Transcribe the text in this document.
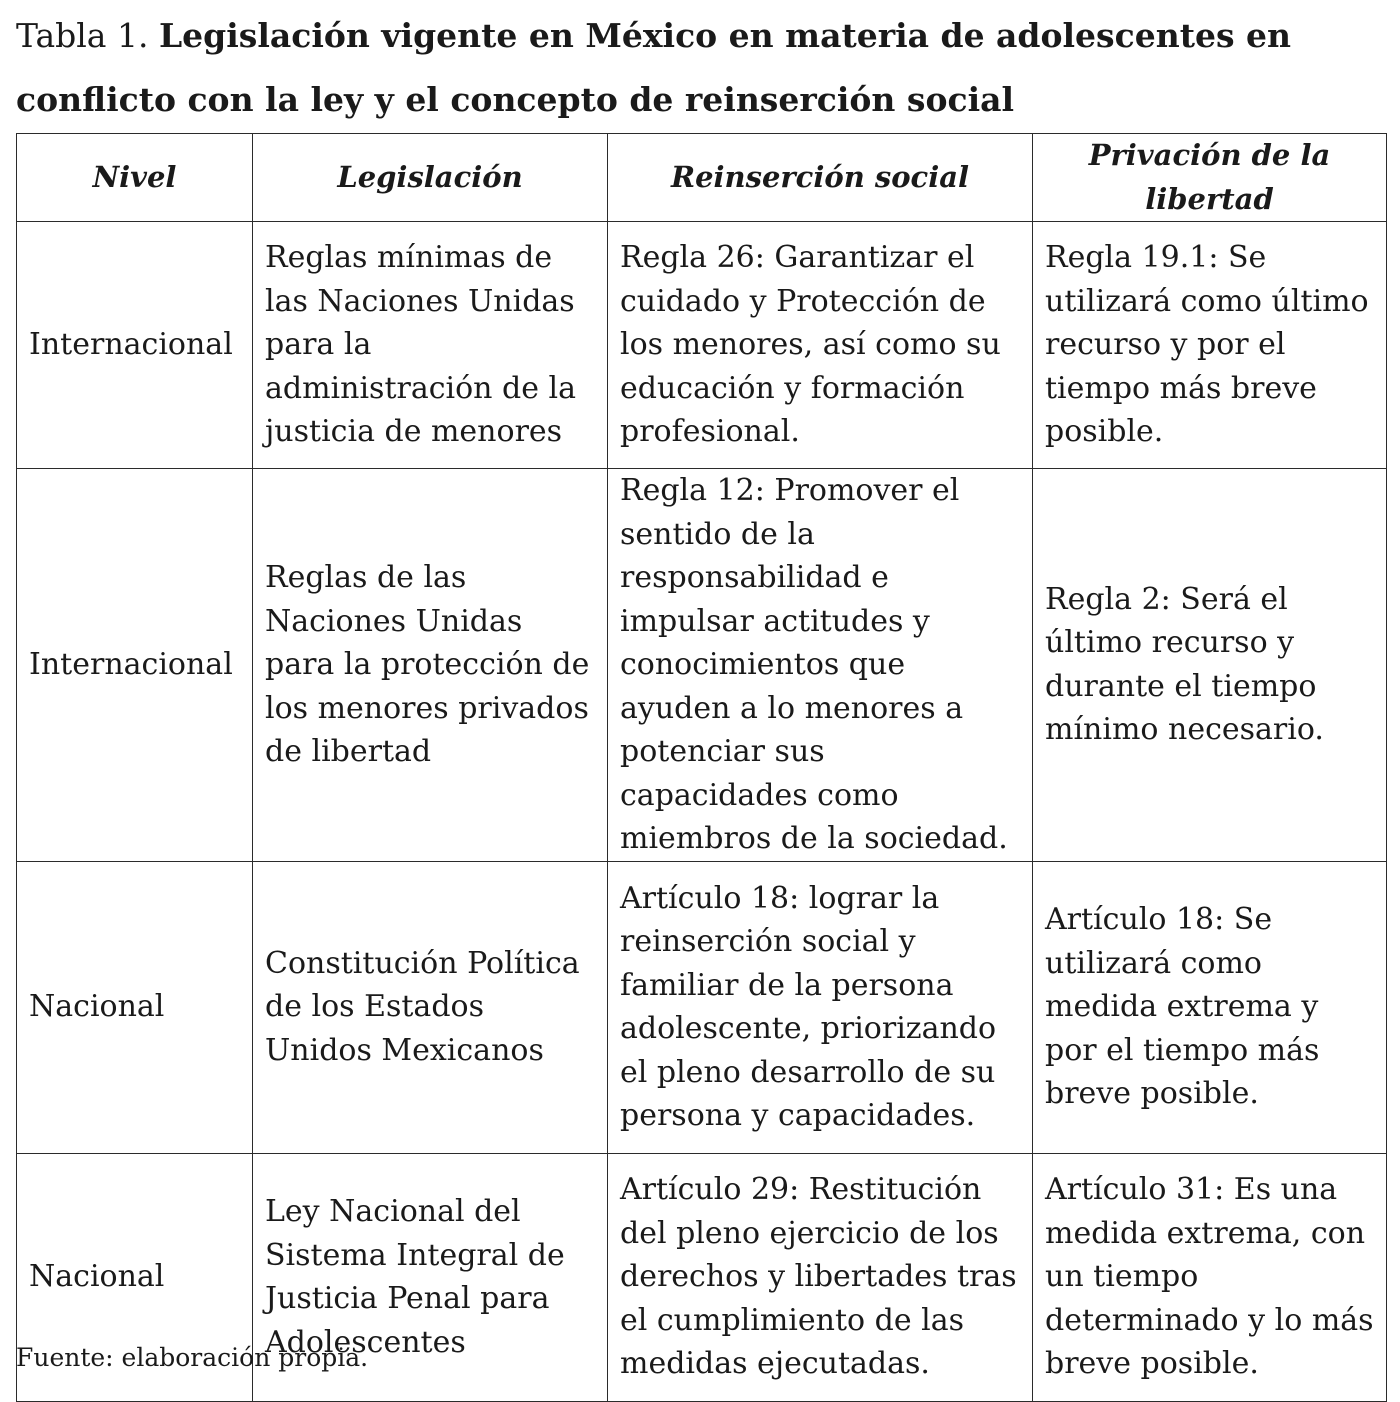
Tabla 1. Legislación vigente en México en materia de adolescentes en conflicto con la ley y el concepto de reinserción social

Nivel	Legislación	Reinserción social	Privación de la libertad
Internacional	Reglas mínimas de las Naciones Unidas para la administración de la justicia de menores	Regla 26: Garantizar el cuidado y Protección de los menores, así como su educación y formación profesional.	Regla 19.1: Se utilizará como último recurso y por el tiempo más breve posible.
Internacional	Reglas de las Naciones Unidas para la protección de los menores privados de libertad	Regla 12: Promover el sentido de la responsabilidad e impulsar actitudes y conocimientos que ayuden a lo menores a potenciar sus capacidades como miembros de la sociedad.	Regla 2: Será el último recurso y durante el tiempo mínimo necesario.
Nacional	Constitución Política de los Estados Unidos Mexicanos	Artículo 18: lograr la reinserción social y familiar de la persona adolescente, priorizando el pleno desarrollo de su persona y capacidades.	Artículo 18: Se utilizará como medida extrema y por el tiempo más breve posible.
Nacional	Ley Nacional del Sistema Integral de Justicia Penal para Adolescentes	Artículo 29: Restitución del pleno ejercicio de los derechos y libertades tras el cumplimiento de las medidas ejecutadas.	Artículo 31: Es una medida extrema, con un tiempo determinado y lo más breve posible.

Fuente: elaboración propia.
